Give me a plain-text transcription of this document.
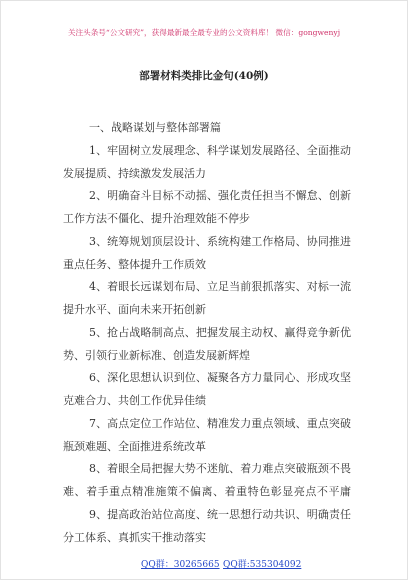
关注头条号“公文研究”，获得最新最全最专业的公文资料库！ 微信：gongwenyj
部署材料类排比金句(40例)
一、战略谋划与整体部署篇
1、牢固树立发展理念、科学谋划发展路径、全面推动
发展提质、持续激发发展活力
2、明确奋斗目标不动摇、强化责任担当不懈怠、创新
工作方法不僵化、提升治理效能不停步
3、统筹规划顶层设计、系统构建工作格局、协同推进
重点任务、整体提升工作质效
4、着眼长远谋划布局、立足当前狠抓落实、对标一流
提升水平、面向未来开拓创新
5、抢占战略制高点、把握发展主动权、赢得竞争新优
势、引领行业新标准、创造发展新辉煌
6、深化思想认识到位、凝聚各方力量同心、形成攻坚
克难合力、共创工作优异佳绩
7、高点定位工作站位、精准发力重点领域、重点突破
瓶颈难题、全面推进系统改革
8、着眼全局把握大势不迷航、着力难点突破瓶颈不畏
难、着手重点精准施策不偏离、着重特色彰显亮点不平庸
9、提高政治站位高度、统一思想行动共识、明确责任
分工体系、真抓实干推动落实
QQ群：30265665 QQ群:535304092
